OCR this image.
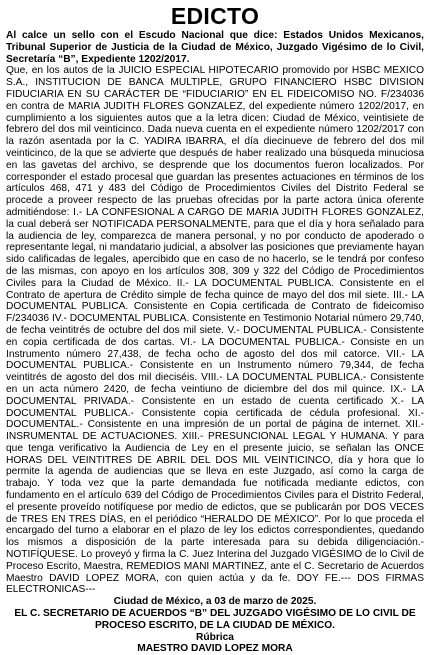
EDICTO

Al calce un sello con el Escudo Nacional que dice: Estados Unidos Mexicanos, Tribunal Superior de Justicia de la Ciudad de México, Juzgado Vigésimo de lo Civil, Secretaría “B”, Expediente 1202/2017.

Que, en los autos de la JUICIO ESPECIAL HIPOTECARIO promovido por HSBC MEXICO S.A., INSTITUCION DE BANCA MULTIPLE, GRUPO FINANCIERO HSBC DIVISION FIDUCIARIA EN SU CARÁCTER DE “FIDUCIARIO” EN EL FIDEICOMISO NO. F/234036 en contra de MARIA JUDITH FLORES GONZALEZ, del expediente número 1202/2017, en cumplimiento a los siguientes autos que a la letra dicen: Ciudad de México, veintisiete de febrero del dos mil veinticinco. Dada nueva cuenta en el expediente número 1202/2017 con la razón asentada por la C. YADIRA IBARRA, el día diecinueve de febrero del dos mil veinticinco, de la que se advierte que después de haber realizado una búsqueda minuciosa en las gavetas del archivo, se desprende que los documentos fueron localizados. Por corresponder el estado procesal que guardan las presentes actuaciones en términos de los artículos 468, 471 y 483 del Código de Procedimientos Civiles del Distrito Federal se procede a proveer respecto de las pruebas ofrecidas por la parte actora única oferente admitiéndose: I.- LA CONFESIONAL A CARGO DE MARIA JUDITH FLORES GONZALEZ, la cual deberá ser NOTIFICADA PERSONALMENTE, para que el día y hora señalado para la audiencia de ley, comparezca de manera personal, y no por conducto de apoderado o representante legal, ni mandatario judicial, a absolver las posiciones que previamente hayan sido calificadas de legales, apercibido que en caso de no hacerlo, se le tendrá por confeso de las mismas, con apoyo en los artículos 308, 309 y 322 del Código de Procedimientos Civiles para la Ciudad de México. II.- LA DOCUMENTAL PUBLICA. Consistente en el Contrato de apertura de Crédito simple de fecha quince de mayo del dos mil siete. III.- LA DOCUMENTAL PUBLICA. Consistente en Copia certificada de Contrato de fideicomiso F/234036 IV.- DOCUMENTAL PUBLICA. Consistente en Testimonio Notarial número 29,740, de fecha veintitrés de octubre del dos mil siete. V.- DOCUMENTAL PUBLICA.- Consistente en copia certificada de dos cartas. VI.- LA DOCUMENTAL PUBLICA.- Consiste en un Instrumento número 27,438, de fecha ocho de agosto del dos mil catorce. VII.- LA DOCUMENTAL PUBLICA.- Consistente en un Instrumento número 79,344, de fecha veintitrés de agosto del dos mil dieciséis. VIII.- LA DOCUMENTAL PUBLICA.- Consistente en un acta número 2420, de fecha veintiuno de diciembre del dos mil quince. IX.- LA DOCUMENTAL PRIVADA.- Consistente en un estado de cuenta certificado X.- LA DOCUMENTAL PUBLICA.- Consistente copia certificada de cédula profesional. XI.- DOCUMENTAL.- Consistente en una impresión de un portal de página de internet. XII.- INSRUMENTAL DE ACTUACIONES. XIII.- PRESUNCIONAL LEGAL Y HUMANA. Y para que tenga verificativo la Audiencia de Ley en el presente juicio, se señalan las ONCE HORAS DEL VEINTITRES DE ABRIL DEL DOS MIL VEINTICINCO, día y hora que lo permite la agenda de audiencias que se lleva en este Juzgado, así como la carga de trabajo. Y toda vez que la parte demandada fue notificada mediante edictos, con fundamento en el artículo 639 del Código de Procedimientos Civiles para el Distrito Federal, el presente proveído notifíquese por medio de edictos, que se publicarán por DOS VECES de TRES EN TRES DÍAS, en el periódico “HERALDO DE MÉXICO”. Por lo que proceda el encargado del turno a elaborar en el plazo de ley los edictos correspondientes, quedando los mismos a disposición de la parte interesada para su debida diligenciación.- NOTIFÍQUESE. Lo proveyó y firma la C. Juez Interina del Juzgado VIGÉSIMO de lo Civil de Proceso Escrito, Maestra, REMEDIOS MANI MARTINEZ, ante el C. Secretario de Acuerdos Maestro DAVID LOPEZ MORA, con quien actúa y da fe. DOY FE.--- DOS FIRMAS ELECTRONICAS---

Ciudad de México, a 03 de marzo de 2025.

EL C. SECRETARIO DE ACUERDOS “B” DEL JUZGADO VIGÉSIMO DE LO CIVIL DE PROCESO ESCRITO, DE LA CIUDAD DE MÉXICO.

Rúbrica

MAESTRO DAVID LOPEZ MORA
